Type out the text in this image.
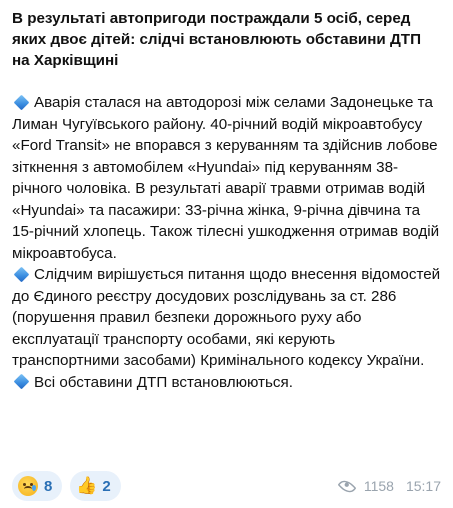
В результаті автопригоди постраждали 5 осіб, серед яких двоє дітей: слідчі встановлюють обставини ДТП на Харківщині

Аварія сталася на автодорозі між селами Задонецьке та Лиман Чугуївського району. 40-річний водій мікроавтобусу «Ford Transit» не впорався з керуванням та здійснив лобове зіткнення з автомобілем «Hyundai» під керуванням 38-річного чоловіка. В результаті аварії травми отримав водій «Hyundai» та пасажири: 33-річна жінка, 9-річна дівчина та 15-річний хлопець. Також тілесні ушкодження отримав водій мікроавтобуса.

Слідчим вирішується питання щодо внесення відомостей до Єдиного реєстру досудових розслідувань за ст. 286 (порушення правил безпеки дорожнього руху або експлуатації транспорту особами, які керують транспортними засобами) Кримінального кодексу України.

Всі обставини ДТП встановлюються.

8 👍 2	1158 15:17
